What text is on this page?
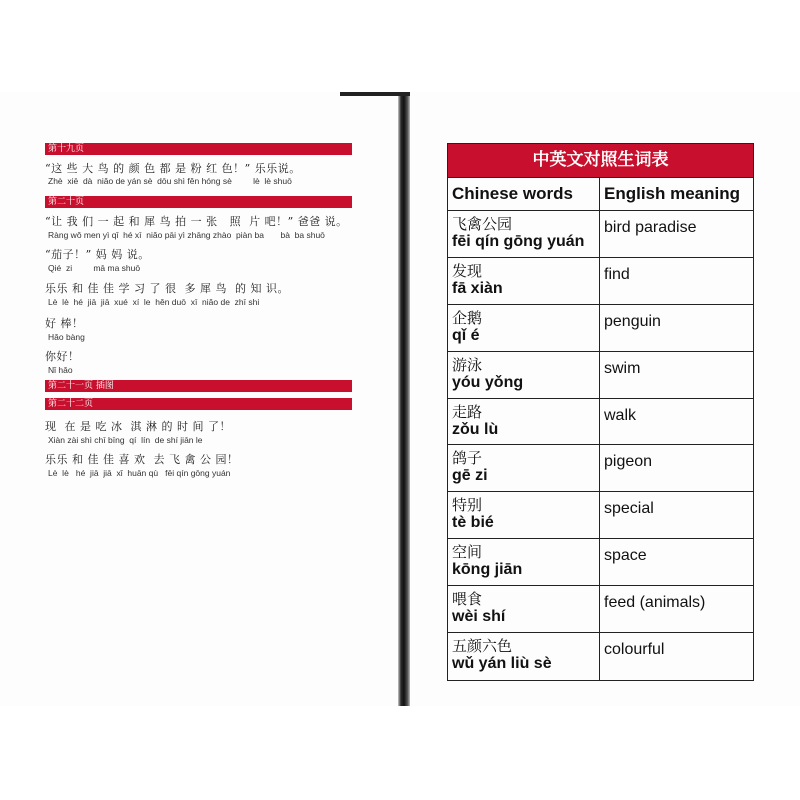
第十九页
“这 些 大 鸟 的 颜 色 都 是 粉 红 色！” 乐乐说。
Zhè  xiē  dà  niǎo de yán sè  dōu shì fěn hóng sè         lè  lè shuō
第二十页
“让 我 们 一 起 和 犀 鸟 拍 一 张   照  片 吧！” 爸爸 说。
Ràng wǒ men yì qǐ  hé xī  niǎo pāi yì zhāng zhào  piàn ba       bà  ba shuō
“茄子！” 妈 妈 说。
Qié  zi         mā ma shuō
乐乐 和 佳 佳 学 习 了 很  多 犀 鸟  的 知 识。
Lè  lè  hé  jiā  jiā  xué  xí  le  hěn duō  xī  niǎo de  zhī shi
好 棒！
Hǎo bàng
你好！
Nǐ hǎo
第二十一页 插图
第二十二页
现  在 是 吃 冰  淇 淋 的 时 间 了！
Xiàn zài shì chī bīng  qí  lín  de shí jiān le
乐乐 和 佳 佳 喜 欢  去 飞 禽 公 园！
Lè  lè   hé  jiā  jiā  xǐ  huān qù   fēi qín gōng yuán
中英文对照生词表
Chinese words	English meaning
飞禽公园
fēi qín gōng yuán
bird paradise
发现
fā xiàn
find
企鹅
qǐ é
penguin
游泳
yóu yǒng
swim
走路
zǒu lù
walk
鸽子
gē zi
pigeon
特别
tè bié
special
空间
kōng jiān
space
喂食
wèi shí
feed (animals)
五颜六色
wǔ yán liù sè
colourful
